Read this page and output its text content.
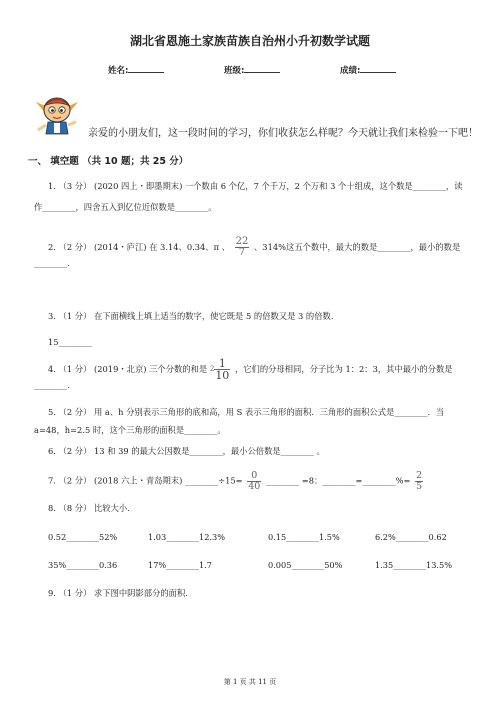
湖北省恩施土家族苗族自治州小升初数学试题
姓名:	班级:	成绩:
亲爱的小朋友们，这一段时间的学习，你们收获怎么样呢？今天就让我们来检验一下吧！
一、 填空题 （共 10 题；共 25 分）
1. （3 分） (2020 四上・即墨期末) 一个数由 6 个亿，7 个千万，2 个万和 3 个十组成，这个数是________，读
作________，四舍五入到亿位近似数是________。
2. （2 分） (2014・庐江) 在 3.14、0.34、π 、 $\frac{22}{7}$ 、314%这五个数中，最大的数是________，最小的数是
________.
3. （1 分） 在下面横线上填上适当的数字，使它既是 5 的倍数又是 3 的倍数.
15________
4. （1 分） (2019・北京) 三个分数的和是 $2 \frac{1}{10}$ ，它们的分母相同，分子比为 1：2：3，其中最小的分数是
________.
5. （2 分） 用 a、h 分别表示三角形的底和高，用 S 表示三角形的面积．三角形的面积公式是________．当
a=48，h=2.5 时，这个三角形的面积是________。
6. （2 分） 13 和 39 的最大公因数是________，最小公倍数是________ 。
7. （2 分） (2018 六上・青岛期末) ________÷15= $\frac{0}{40}$ ________ =8：________=________%= $\frac{2}{5}$
8. （8 分） 比较大小.
0.52________52%	1.03________12.3%	0.15________1.5%	6.2%________0.62
35%________0.36	17%________1.7	0.005________50%	1.35________13.5%
9. （1 分） 求下图中阴影部分的面积.
第 1 页 共 11 页
